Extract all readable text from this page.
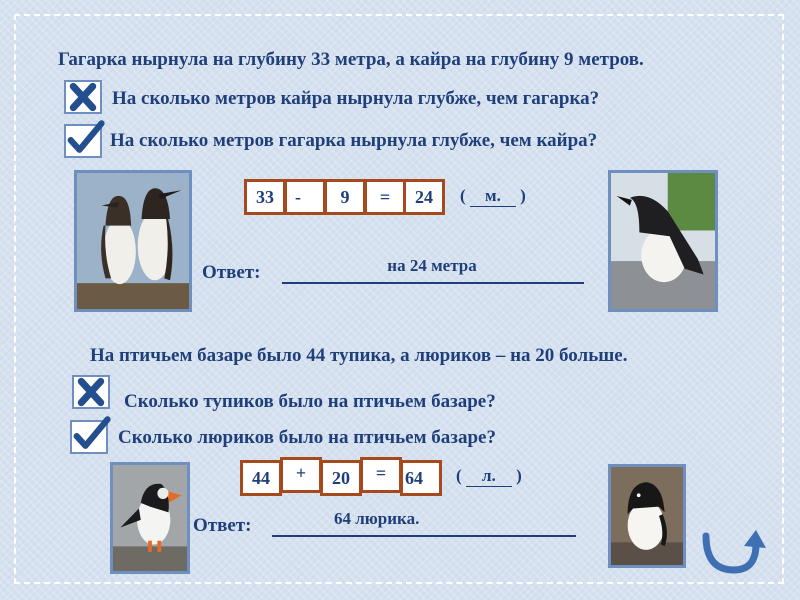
Гагарка нырнула на глубину 33 метра, а кайра на глубину 9 метров.
На сколько метров кайра нырнула глубже, чем гагарка?
На сколько метров гагарка нырнула глубже, чем кайра?
33	-	9	=	24	( м. )
Ответ:	на 24 метра
На птичьем базаре было 44 тупика, а люриков – на 20 больше.
Сколько тупиков было на птичьем базаре?
Сколько люриков было на птичьем базаре?
44	+	20	=	64	( л. )
Ответ:	64 люрика.
